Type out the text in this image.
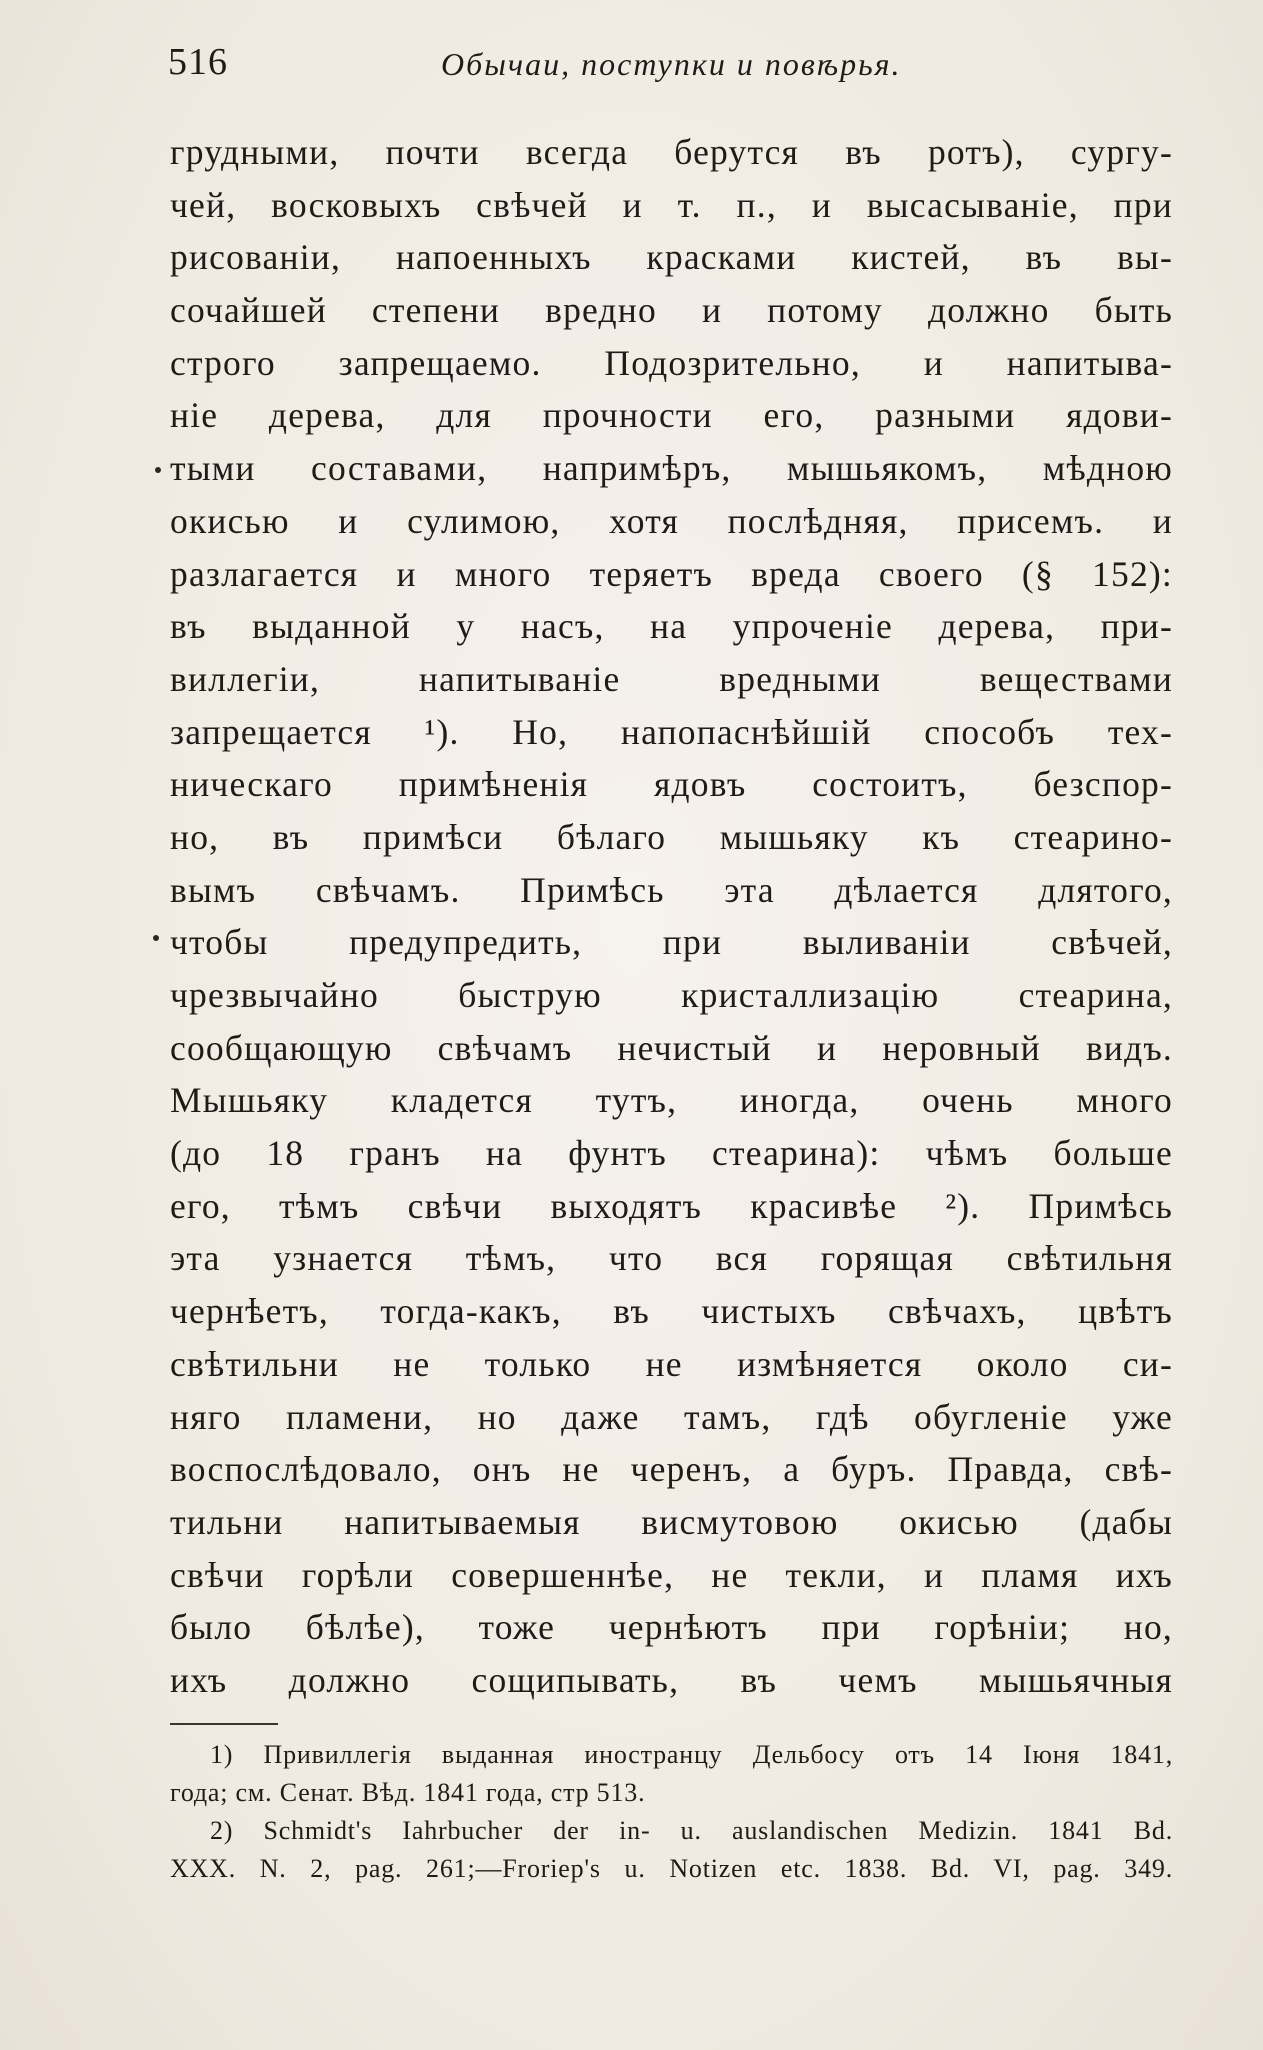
516	Обычаи, поступки и повѣрья.
грудными, почти всегда берутся въ ротъ), сургу-
чей, восковыхъ свѣчей и т. п., и высасываніе, при
рисованіи, напоенныхъ красками кистей, въ вы-
сочайшей степени вредно и потому должно быть
строго запрещаемо. Подозрительно, и напитыва-
ніе дерева, для прочности его, разными ядови-
тыми составами, напримѣръ, мышьякомъ, мѣдною
окисью и сулимою, хотя послѣдняя, присемъ. и
разлагается и много теряетъ вреда своего (§ 152):
въ выданной у насъ, на упроченіе дерева, при-
виллегіи, напитываніе вредными веществами
запрещается ¹). Но, напопаснѣйшій способъ тех-
ническаго примѣненія ядовъ состоитъ, безспор-
но, въ примѣси бѣлаго мышьяку къ стеарино-
вымъ свѣчамъ. Примѣсь эта дѣлается длятого,
чтобы предупредить, при выливаніи свѣчей,
чрезвычайно быструю кристаллизацію стеарина,
сообщающую свѣчамъ нечистый и неровный видъ.
Мышьяку кладется тутъ, иногда, очень много
(до 18 гранъ на фунтъ стеарина): чѣмъ больше
его, тѣмъ свѣчи выходятъ красивѣе ²). Примѣсь
эта узнается тѣмъ, что вся горящая свѣтильня
чернѣетъ, тогда-какъ, въ чистыхъ свѣчахъ, цвѣтъ
свѣтильни не только не измѣняется около си-
няго пламени, но даже тамъ, гдѣ обугленіе уже
воспослѣдовало, онъ не черенъ, а буръ. Правда, свѣ-
тильни напитываемыя висмутовою окисью (дабы
свѣчи горѣли совершеннѣе, не текли, и пламя ихъ
было бѣлѣе), тоже чернѣютъ при горѣніи; но,
ихъ должно сощипывать, въ чемъ мышьячныя
1) Привиллегія выданная иностранцу Дельбосу отъ 14 Іюня 1841,
года; см. Сенат. Вѣд. 1841 года, стр 513.
2) Schmidt's Iahrbucher der in- u. auslandischen Medizin. 1841 Bd.
XXX. N. 2, pag. 261;—Froriep's u. Notizen etc. 1838. Bd. VI, pag. 349.
